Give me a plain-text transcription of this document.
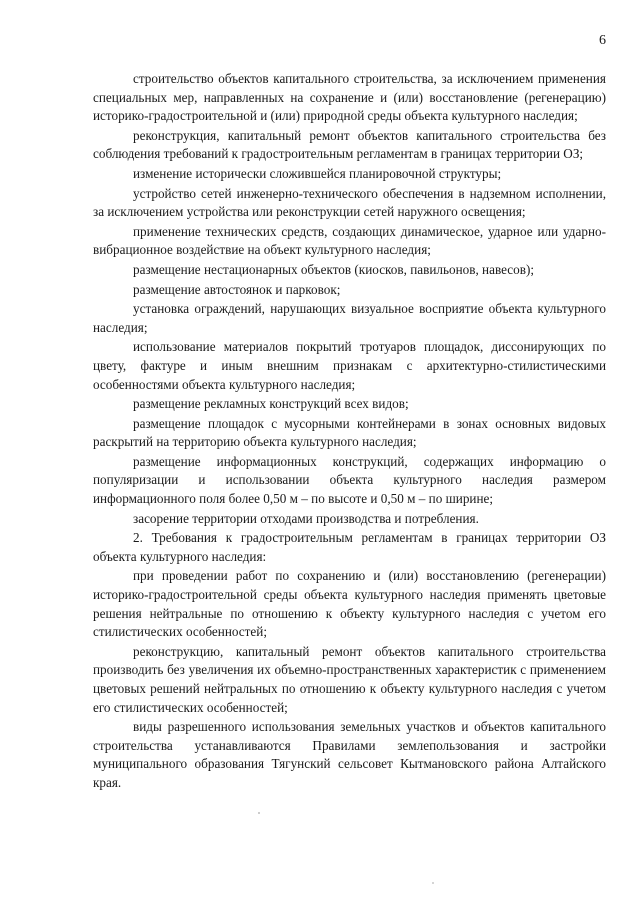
6

строительство объектов капитального строительства, за исключением применения специальных мер, направленных на сохранение и (или) восстановление (регенерацию) историко-градостроительной и (или) природной среды объекта культурного наследия;

реконструкция, капитальный ремонт объектов капитального строительства без соблюдения требований к градостроительным регламентам в границах территории ОЗ;

изменение исторически сложившейся планировочной структуры;

устройство сетей инженерно-технического обеспечения в надземном исполнении, за исключением устройства или реконструкции сетей наружного освещения;

применение технических средств, создающих динамическое, ударное или ударно-вибрационное воздействие на объект культурного наследия;

размещение нестационарных объектов (киосков, павильонов, навесов);

размещение автостоянок и парковок;

установка ограждений, нарушающих визуальное восприятие объекта культурного наследия;

использование материалов покрытий тротуаров площадок, диссонирующих по цвету, фактуре и иным внешним признакам с архитектурно-стилистическими особенностями объекта культурного наследия;

размещение рекламных конструкций всех видов;

размещение площадок с мусорными контейнерами в зонах основных видовых раскрытий на территорию объекта культурного наследия;

размещение информационных конструкций, содержащих информацию о популяризации и использовании объекта культурного наследия размером информационного поля более 0,50 м – по высоте и 0,50 м – по ширине;

засорение территории отходами производства и потребления.

2. Требования к градостроительным регламентам в границах территории ОЗ объекта культурного наследия:

при проведении работ по сохранению и (или) восстановлению (регенерации) историко-градостроительной среды объекта культурного наследия применять цветовые решения нейтральные по отношению к объекту культурного наследия с учетом его стилистических особенностей;

реконструкцию, капитальный ремонт объектов капитального строительства производить без увеличения их объемно-пространственных характеристик с применением цветовых решений нейтральных по отношению к объекту культурного наследия с учетом его стилистических особенностей;

виды разрешенного использования земельных участков и объектов капитального строительства устанавливаются Правилами землепользования и застройки муниципального образования Тягунский сельсовет Кытмановского района Алтайского края.
